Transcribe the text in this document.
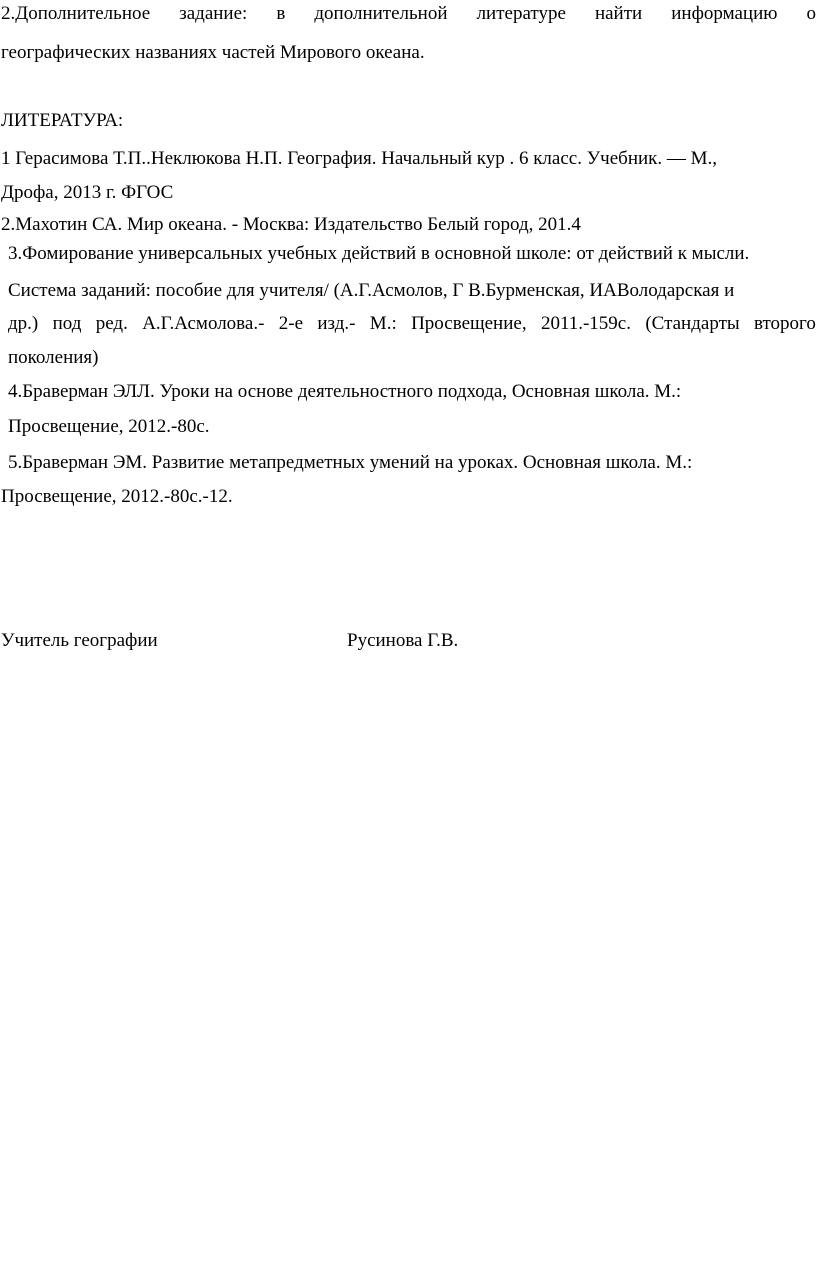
2.Дополнительное задание: в дополнительной литературе найти информацию о
географических названиях частей Мирового океана.
ЛИТЕРАТУРА:
1 Герасимова Т.П..Неклюкова Н.П. География. Начальный кур . 6 класс. Учебник. — М.,
Дрофа, 2013 г. ФГОС
2.Махотин СА. Мир океана. - Москва: Издательство Белый город, 201.4
3.Фомирование универсальных учебных действий в основной школе: от действий к мысли.
Система заданий: пособие для учителя/ (А.Г.Асмолов, Г В.Бурменская, ИАВолодарская и
др.) под ред. А.Г.Асмолова.- 2-е изд.- М.: Просвещение, 2011.-159с. (Стандарты второго
поколения)
4.Браверман ЭЛЛ. Уроки на основе деятельностного подхода, Основная школа. М.:
Просвещение, 2012.-80с.
5.Браверман ЭМ. Развитие метапредметных умений на уроках. Основная школа. М.:
Просвещение, 2012.-80с.-12.
Учитель географии	Русинова Г.В.
